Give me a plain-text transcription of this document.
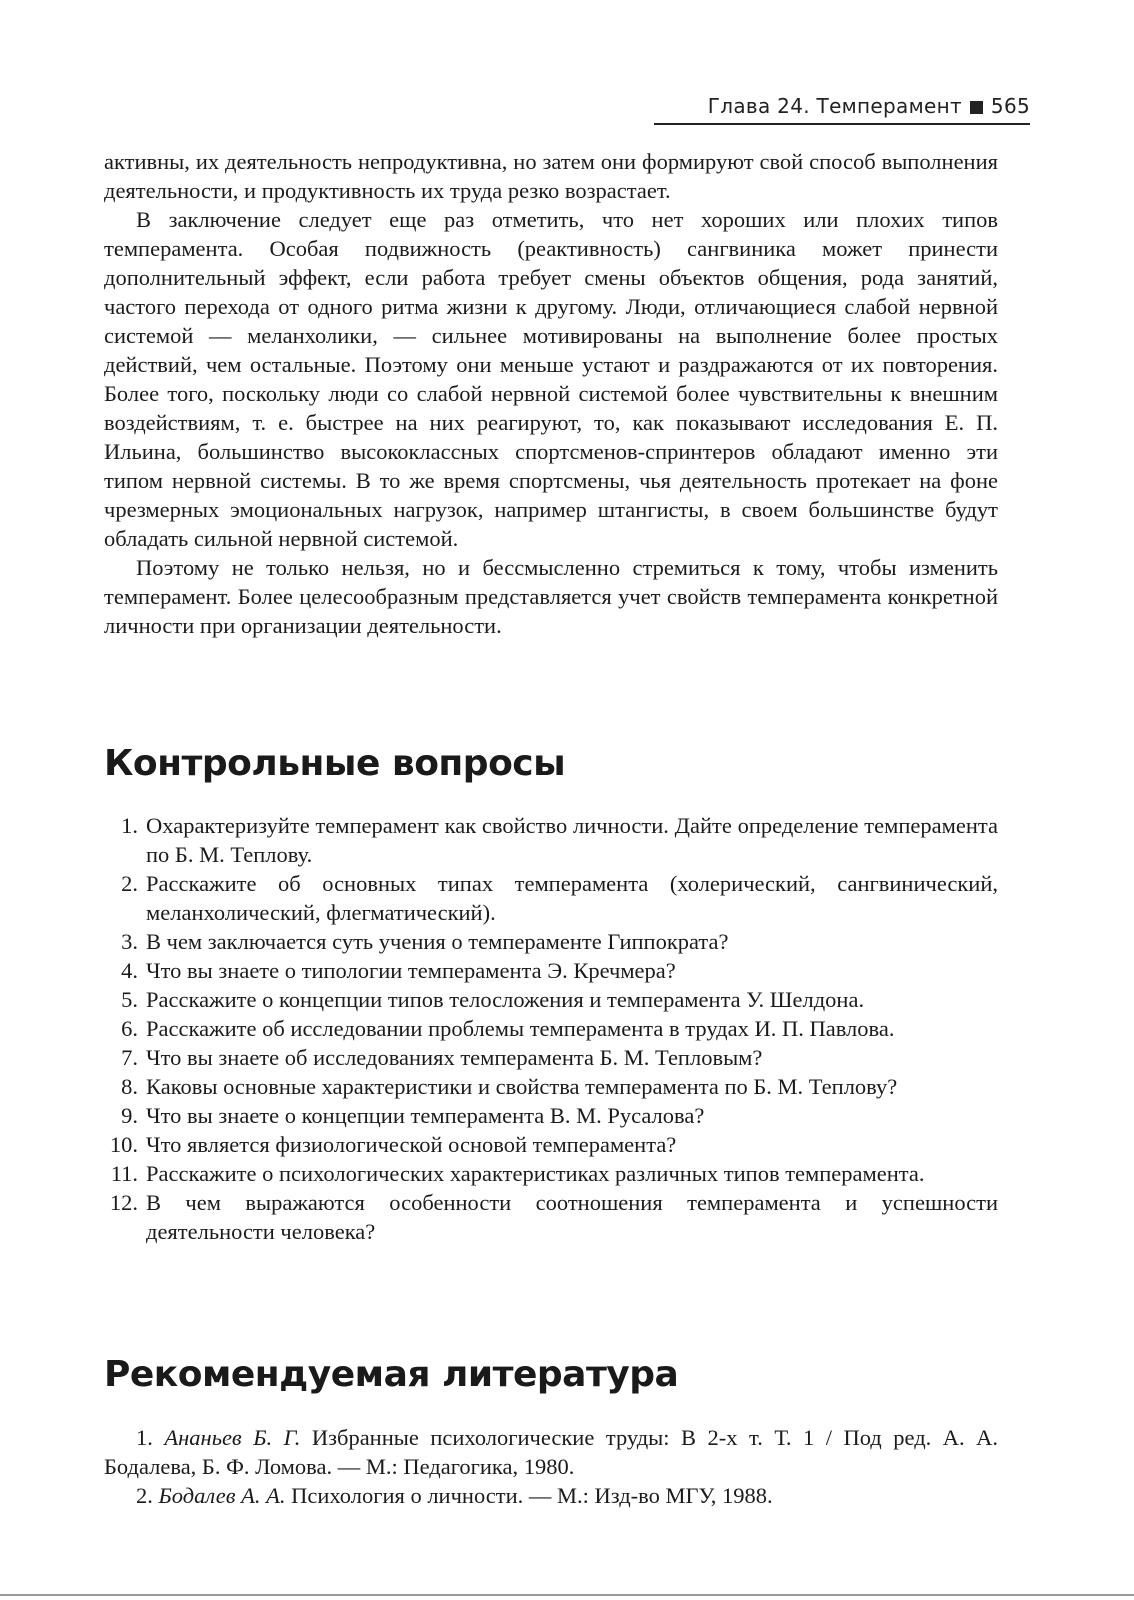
Глава 24. Темперамент 565

активны, их деятельность непродуктивна, но затем они формируют свой способ выполнения деятельности, и продуктивность их труда резко возрастает.

В заключение следует еще раз отметить, что нет хороших или плохих типов темперамента. Особая подвижность (реактивность) сангвиника может принести дополнительный эффект, если работа требует смены объектов общения, рода занятий, частого перехода от одного ритма жизни к другому. Люди, отличающиеся слабой нервной системой — меланхолики, — сильнее мотивированы на выполнение более простых действий, чем остальные. Поэтому они меньше устают и раздражаются от их повторения. Более того, поскольку люди со слабой нервной системой более чувствительны к внешним воздействиям, т. е. быстрее на них реагируют, то, как показывают исследования Е. П. Ильина, большинство высококлассных спортсменов-спринтеров обладают именно эти типом нервной системы. В то же время спортсмены, чья деятельность протекает на фоне чрезмерных эмоциональных нагрузок, например штангисты, в своем большинстве будут обладать сильной нервной системой.

Поэтому не только нельзя, но и бессмысленно стремиться к тому, чтобы изменить темперамент. Более целесообразным представляется учет свойств темперамента конкретной личности при организации деятельности.

Контрольные вопросы
1. Охарактеризуйте темперамент как свойство личности. Дайте определение темперамента по Б. М. Теплову.
2. Расскажите об основных типах темперамента (холерический, сангвинический, меланхолический, флегматический).
3. В чем заключается суть учения о темпераменте Гиппократа?
4. Что вы знаете о типологии темперамента Э. Кречмера?
5. Расскажите о концепции типов телосложения и темперамента У. Шелдона.
6. Расскажите об исследовании проблемы темперамента в трудах И. П. Павлова.
7. Что вы знаете об исследованиях темперамента Б. М. Тепловым?
8. Каковы основные характеристики и свойства темперамента по Б. М. Теплову?
9. Что вы знаете о концепции темперамента В. М. Русалова?
10. Что является физиологической основой темперамента?
11. Расскажите о психологических характеристиках различных типов темперамента.
12. В чем выражаются особенности соотношения темперамента и успешности деятельности человека?
Рекомендуемая литература

1. Ананьев Б. Г. Избранные психологические труды: В 2-х т. Т. 1 / Под ред. А. А. Бодалева, Б. Ф. Ломова. — М.: Педагогика, 1980.

2. Бодалев А. А. Психология о личности. — М.: Изд-во МГУ, 1988.
